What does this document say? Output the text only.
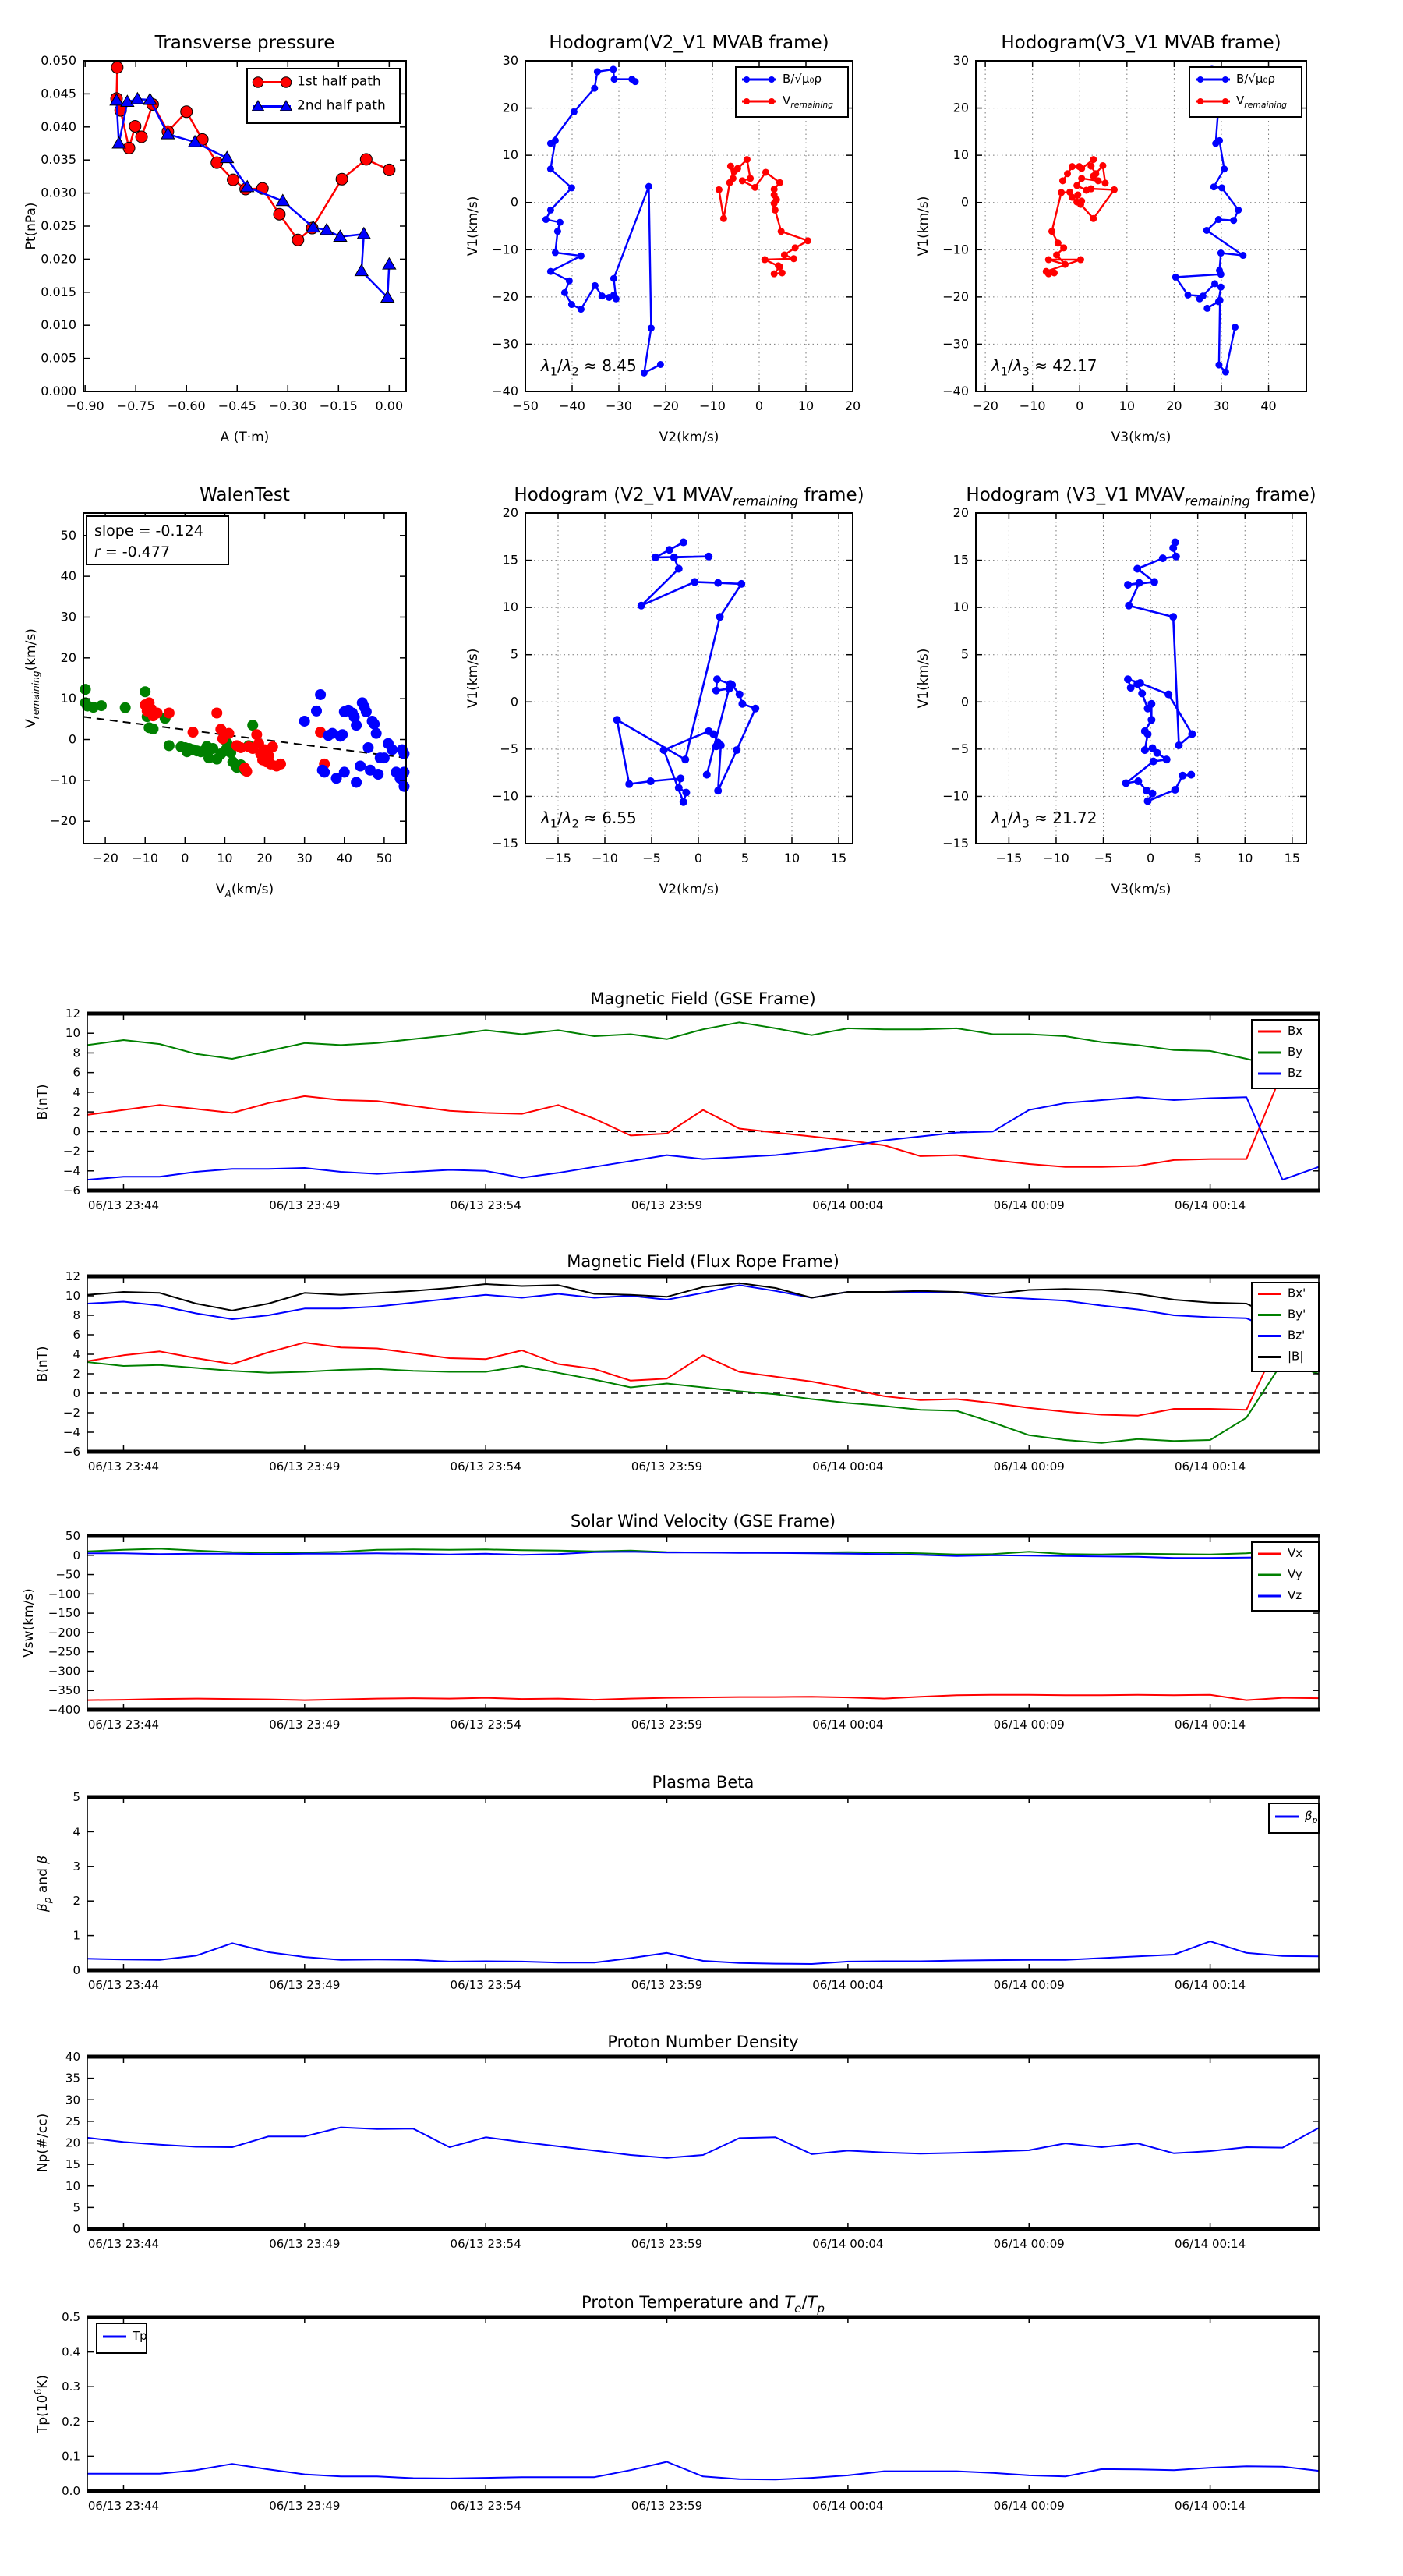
−0.90 −0.75 −0.60 −0.45 −0.30 −0.15 0.00
0.000
0.005
0.010
0.015
0.020
0.025
0.030
0.035
0.040
0.045
0.050
Transverse pressure
A (T·m)
Pt(nPa)
1st half path
2nd half path
−50 −40 −30 −20 −10 0	10 20
−40
−30
−20
−10
0
10
20
30
Hodogram(V2_V1 MVAB frame)
V2(km/s)
V1(km/s)
B/√μ₀ρ
$V_{remaining}$
$\lambda_1/\lambda_2 \approx 8.45$
−20 −10 0	10	20	30	40
−40
−30
−20
−10
0
10
20
30
Hodogram(V3_V1 MVAB frame)
V3(km/s)
V1(km/s)
B/√μ₀ρ
$V_{remaining}$
$\lambda_1/\lambda_3 \approx 42.17$
−20 −10 0 10 20 30 40 50
−20
−10
0
10
20
30
40
50
WalenTest
$V_A(km/s)$
$V_{remaining}(km/s)$
slope = -0.124
r = -0.477
−15 −10 −5	0	5	10 15
−15
−10
−5
0
5
10
15
20
Hodogram (V2_V1 $MVAV_{remaining}$ frame)
V2(km/s)
V1(km/s)
$\lambda_1/\lambda_2 \approx 6.55$
−15 −10 −5	0	5	10	15
−15
−10
−5
0
5
10
15
20
Hodogram (V3_V1 $MVAV_{remaining}$ frame)
V3(km/s)
V1(km/s)
$\lambda_1/\lambda_3 \approx 21.72$
06/13 23:44	06/13 23:49	06/13 23:54	06/13 23:59	06/14 00:04	06/14 00:09	06/14 00:14
−6
−4
−2
0
2
4
6
8
10
12
Magnetic Field (GSE Frame)
B(nT)
Bx
By
Bz
06/13 23:44	06/13 23:49	06/13 23:54	06/13 23:59	06/14 00:04	06/14 00:09	06/14 00:14
−6
−4
−2
0
2
4
6
8
10
12
Magnetic Field (Flux Rope Frame)
B(nT)
Bx'
By'
Bz'
|B|
06/13 23:44	06/13 23:49	06/13 23:54	06/13 23:59	06/14 00:04	06/14 00:09	06/14 00:14
−400
−350
−300
−250
−200
−150
−100
−50
0
50
Solar Wind Velocity (GSE Frame)
Vsw(km/s)
Vx
Vy
Vz
06/13 23:44	06/13 23:49	06/13 23:54	06/13 23:59	06/14 00:04	06/14 00:09	06/14 00:14
0
1
2
3
4
5
Plasma Beta
$\beta_p$ and β
$\beta_p$
06/13 23:44	06/13 23:49	06/13 23:54	06/13 23:59	06/14 00:04	06/14 00:09	06/14 00:14
0
5
10
15
20
25
30
35
40
Proton Number Density
Np(#/cc)
06/13 23:44	06/13 23:49	06/13 23:54	06/13 23:59	06/14 00:04	06/14 00:09	06/14 00:14
0.0
0.1
0.2
0.3
0.4
0.5
Proton Temperature and $T_e/T_p$
$Tp(10^6K)$
Tp
